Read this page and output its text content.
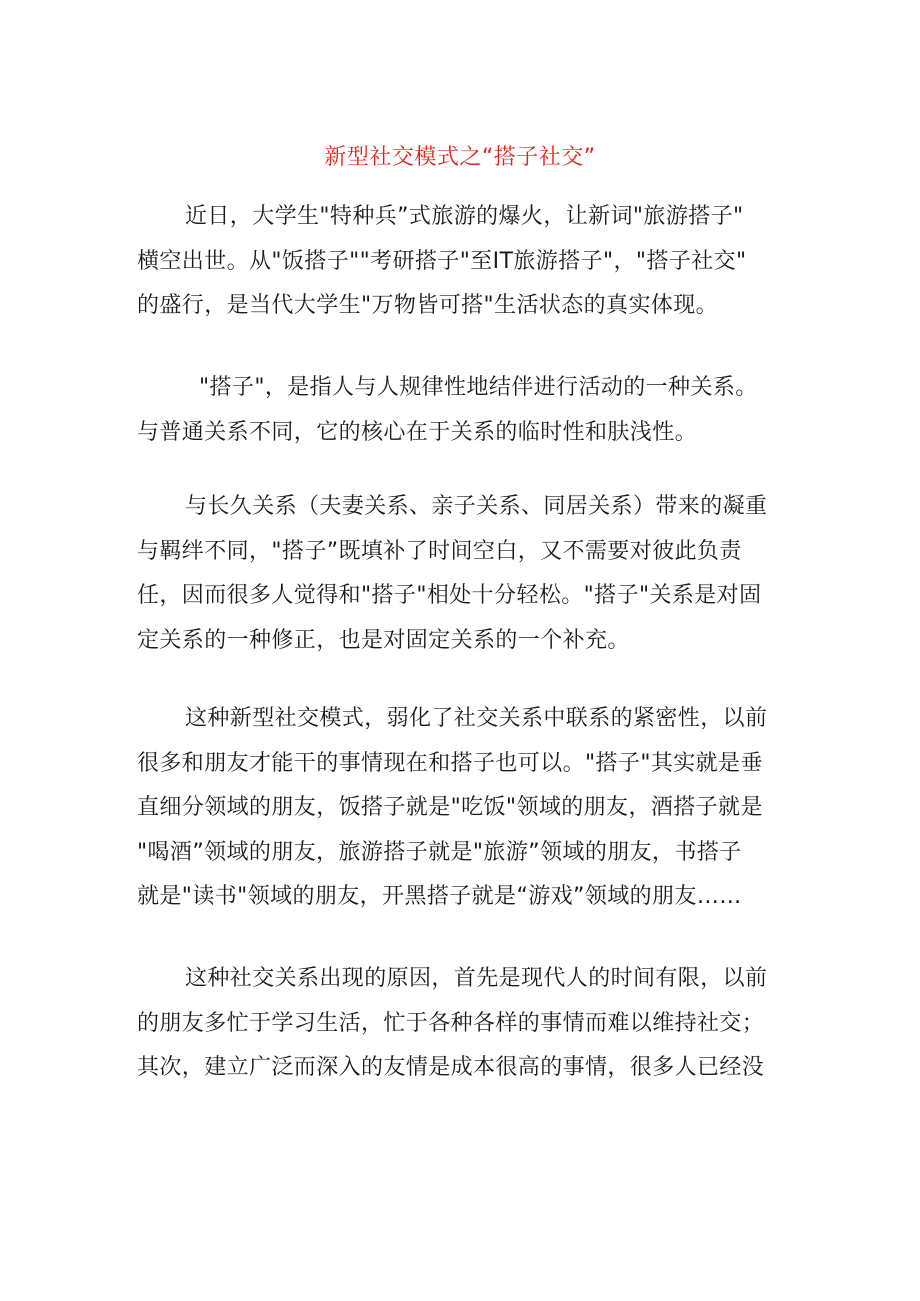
新型社交模式之“搭子社交”

近日，大学生"特种兵”式旅游的爆火，让新词"旅游搭子"
横空出世。从"饭搭子""考研搭子"至IT旅游搭子"，"搭子社交"
的盛行，是当代大学生"万物皆可搭"生活状态的真实体现。

"搭子"，是指人与人规律性地结伴进行活动的一种关系。
与普通关系不同，它的核心在于关系的临时性和肤浅性。

与长久关系（夫妻关系、亲子关系、同居关系）带来的凝重
与羁绊不同，"搭子”既填补了时间空白，又不需要对彼此负责
任，因而很多人觉得和"搭子"相处十分轻松。"搭子"关系是对固
定关系的一种修正，也是对固定关系的一个补充。

这种新型社交模式，弱化了社交关系中联系的紧密性，以前
很多和朋友才能干的事情现在和搭子也可以。"搭子"其实就是垂
直细分领域的朋友，饭搭子就是"吃饭"领域的朋友，酒搭子就是
"喝酒”领域的朋友，旅游搭子就是"旅游”领域的朋友，书搭子
就是"读书"领域的朋友，开黑搭子就是“游戏”领域的朋友……

这种社交关系出现的原因，首先是现代人的时间有限，以前
的朋友多忙于学习生活，忙于各种各样的事情而难以维持社交；
其次，建立广泛而深入的友情是成本很高的事情，很多人已经没
